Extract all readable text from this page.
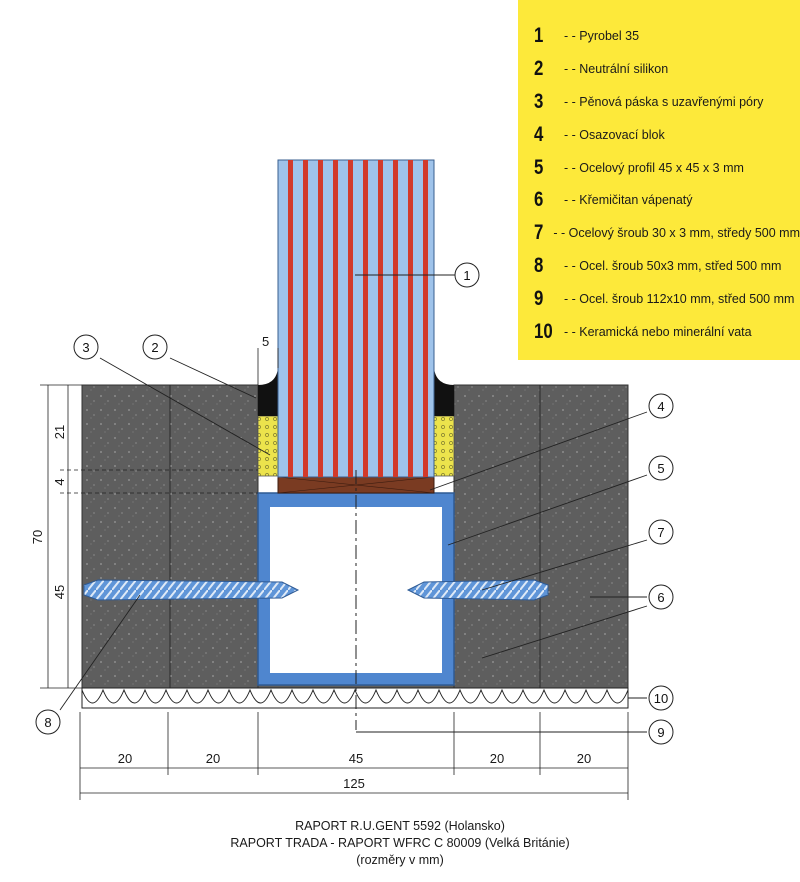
5
21
4
70
45
20	20	45	20	20
125
1
2
3
4
5
7
6
10
9
8
1	- - Pyrobel 35
2	- - Neutrální silikon
3	- - Pěnová páska s uzavřenými póry
4	- - Osazovací blok
5	- - Ocelový profil 45 x 45 x 3 mm
6	- - Křemičitan vápenatý
7 - - Ocelový šroub 30 x 3 mm, středy 500 mm
8	- - Ocel. šroub 50x3 mm, střed 500 mm
9	- - Ocel. šroub 112x10 mm, střed 500 mm
10 - - Keramická nebo minerální vata
RAPORT R.U.GENT 5592 (Holansko)
RAPORT TRADA - RAPORT WFRC C 80009 (Velká Británie)
(rozměry v mm)
